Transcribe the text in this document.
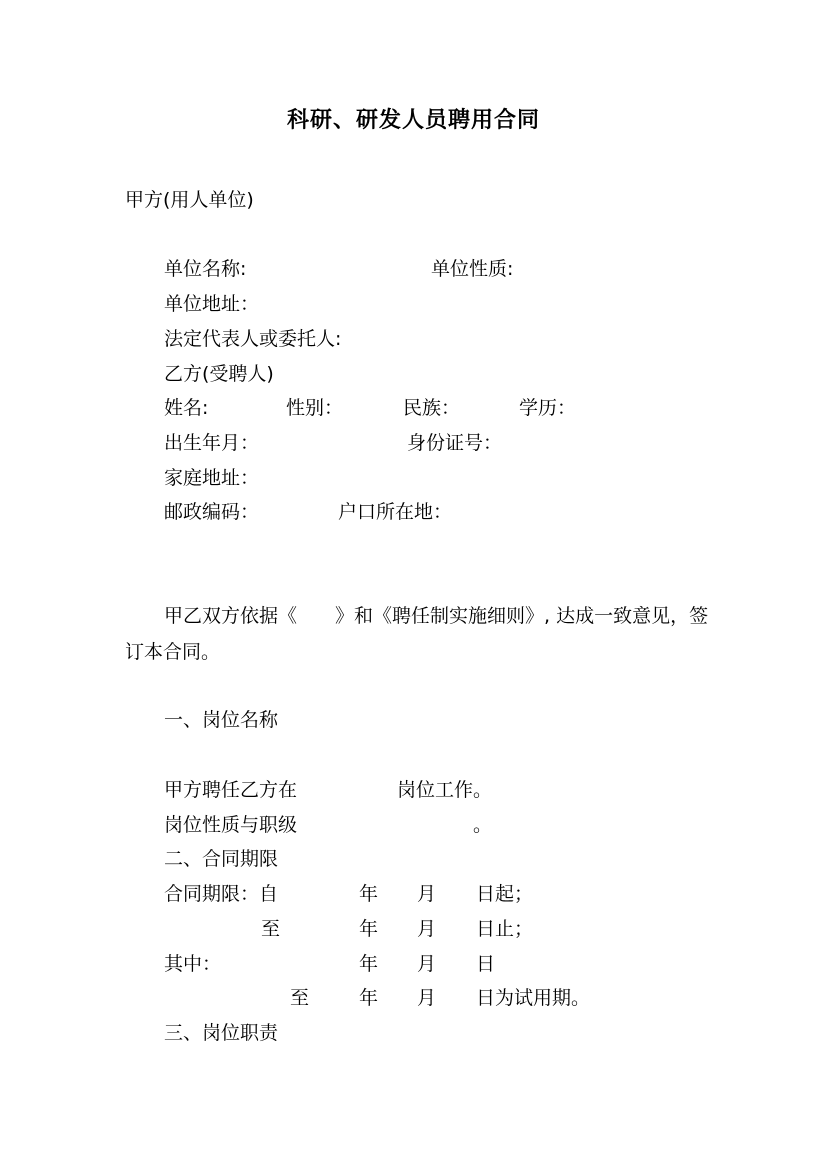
科研、研发人员聘用合同
甲方(用人单位)
单位名称:	单位性质:
单位地址：
法定代表人或委托人:
乙方(受聘人)
姓名:	性别：	民族：	学历：
出生年月：	身份证号：
家庭地址：
邮政编码：	户口所在地：
甲乙双方依据《　　》和《聘任制实施细则》, 达成一致意见，签
订本合同。
一、岗位名称
甲方聘任乙方在	岗位工作。
岗位性质与职级	。
二、合同期限
合同期限：自	年 月 日起；
至	年 月 日止；
其中：	年 月 日
至	年 月 日为试用期。
三、岗位职责
